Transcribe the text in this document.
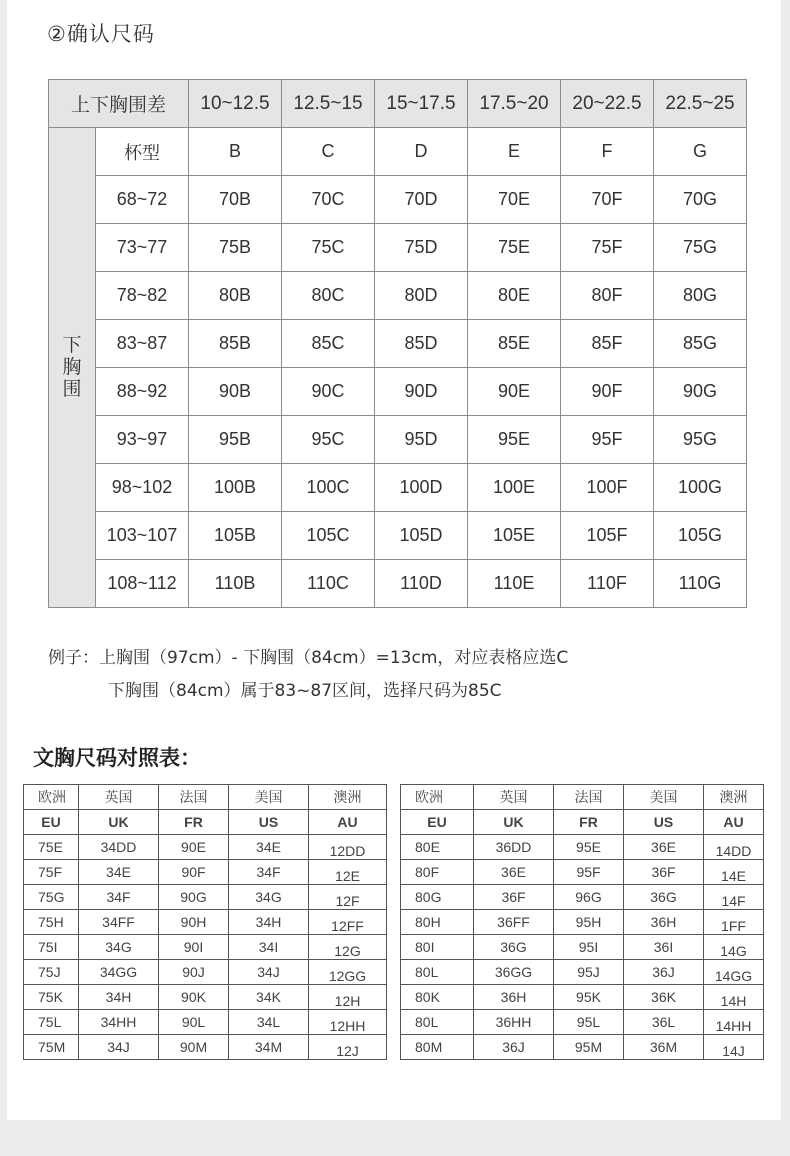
②确认尺码
上下胸围差		10~12.5	12.5~15	15~17.5	17.5~20	20~22.5	22.5~25
下
胸
围	杯型	B	C	D	E	F	G
	68~72	70B	70C	70D	70E	70F	70G
	73~77	75B	75C	75D	75E	75F	75G
	78~82	80B	80C	80D	80E	80F	80G
	83~87	85B	85C	85D	85E	85F	85G
	88~92	90B	90C	90D	90E	90F	90G
	93~97	95B	95C	95D	95E	95F	95G
	98~102	100B	100C	100D	100E	100F	100G
	103~107	105B	105C	105D	105E	105F	105G
	108~112	110B	110C	110D	110E	110F	110G
例子：上胸围（97cm）- 下胸围（84cm）=13cm，对应表格应选C
下胸围（84cm）属于83~87区间，选择尺码为85C
文胸尺码对照表：
欧洲	英国	法国	美国	澳洲
EU	UK	FR	US	AU
75E	34DD	90E	34E	12DD
75F	34E	90F	34F	12E
75G	34F	90G	34G	12F
75H	34FF	90H	34H	12FF
75I	34G	90I	34I	12G
75J	34GG	90J	34J	12GG
75K	34H	90K	34K	12H
75L	34HH	90L	34L	12HH
75M	34J	90M	34M	12J
欧洲	英国	法国	美国	澳洲
EU	UK	FR	US	AU
80E	36DD	95E	36E	14DD
80F	36E	95F	36F	14E
80G	36F	96G	36G	14F
80H	36FF	95H	36H	1FF
80I	36G	95I	36I	14G
80L	36GG	95J	36J	14GG
80K	36H	95K	36K	14H
80L	36HH	95L	36L	14HH
80M	36J	95M	36M	14J
